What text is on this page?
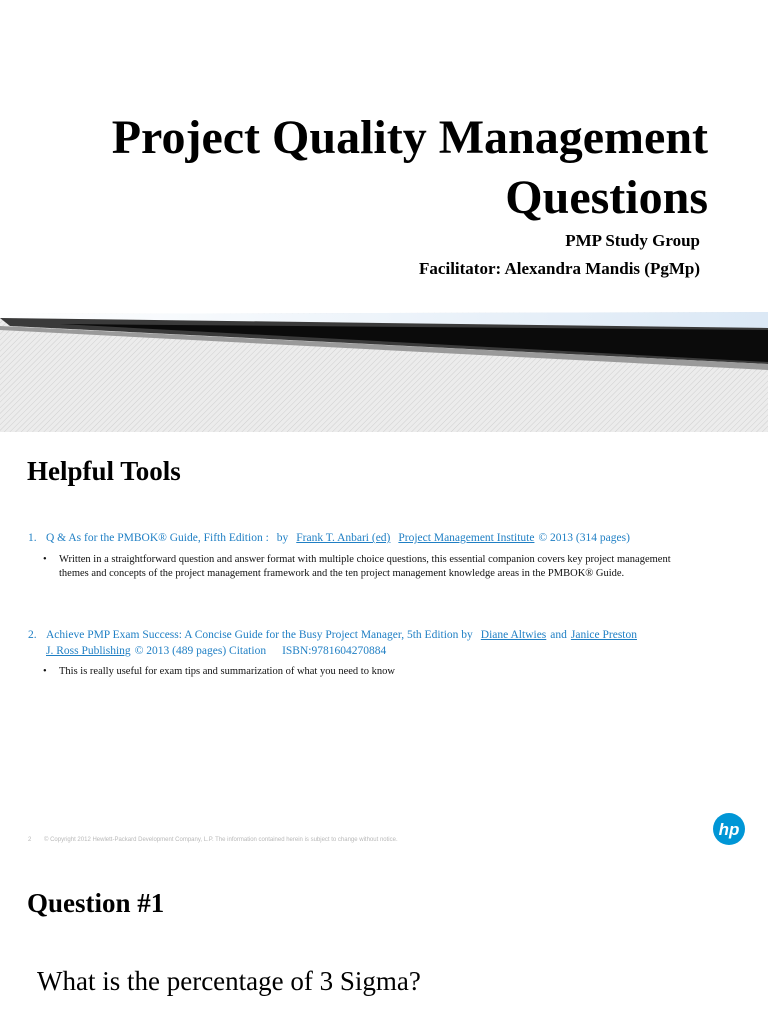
Project Quality Management
Questions
PMP Study Group
Facilitator: Alexandra Mandis (PgMp)
Helpful Tools
1. Q & As for the PMBOK® Guide, Fifth Edition : by Frank T. Anbari (ed) Project Management Institute © 2013 (314 pages)
• Written in a straightforward question and answer format with multiple choice questions, this essential companion covers key project management themes and concepts of the project management framework and the ten project management knowledge areas in the PMBOK® Guide.
2. Achieve PMP Exam Success: A Concise Guide for the Busy Project Manager, 5th Edition by Diane Altwies and Janice Preston
J. Ross Publishing © 2013 (489 pages) Citation ISBN:9781604270884
• This is really useful for exam tips and summarization of what you need to know
2 © Copyright 2012 Hewlett-Packard Development Company, L.P. The information contained herein is subject to change without notice.
hp
Question #1
What is the percentage of 3 Sigma?
